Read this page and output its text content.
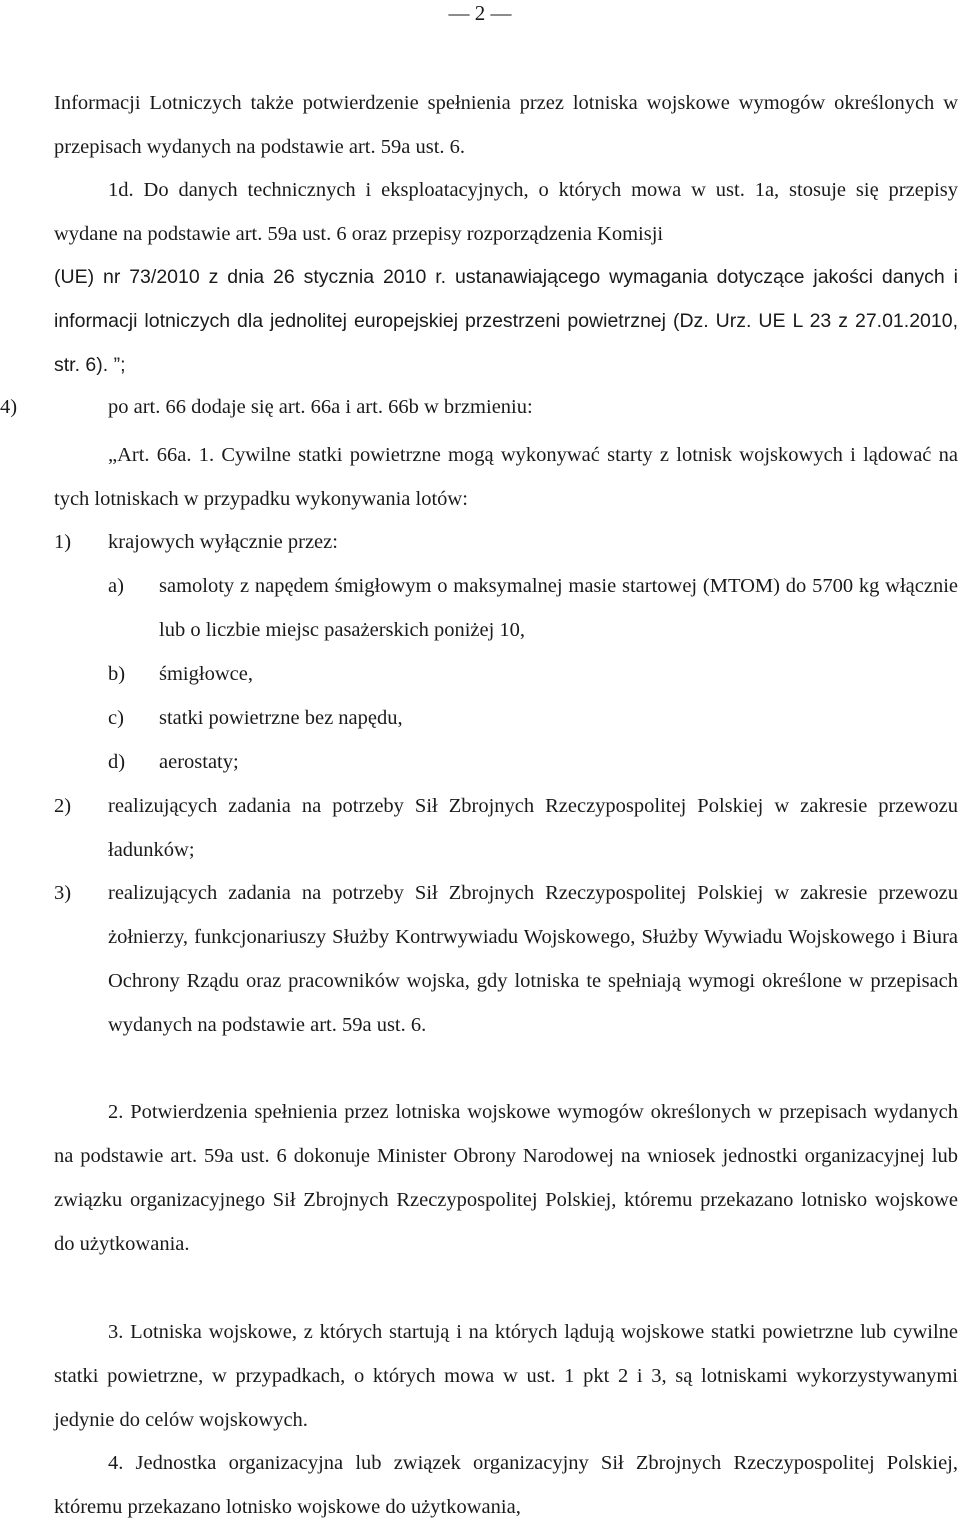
— 2 —
Informacji Lotniczych także potwierdzenie spełnienia przez lotniska wojskowe wymogów określonych w przepisach wydanych na podstawie art. 59a ust. 6.
1d. Do danych technicznych i eksploatacyjnych, o których mowa w ust. 1a, stosuje się przepisy wydane na podstawie art. 59a ust. 6 oraz przepisy rozporządzenia Komisji
(UE) nr 73/2010 z dnia 26 stycznia 2010 r. ustanawiającego wymagania dotyczące jakości danych i informacji lotniczych dla jednolitej europejskiej przestrzeni powietrznej (Dz. Urz. UE L 23 z 27.01.2010, str. 6). ”;
4)	po art. 66 dodaje się art. 66a i art. 66b w brzmieniu:
„Art. 66a. 1. Cywilne statki powietrzne mogą wykonywać starty z lotnisk wojskowych i lądować na tych lotniskach w przypadku wykonywania lotów:
1) krajowych wyłącznie przez:
a) samoloty z napędem śmigłowym o maksymalnej masie startowej (MTOM) do 5700 kg włącznie lub o liczbie miejsc pasażerskich poniżej 10,
b) śmigłowce,
c) statki powietrzne bez napędu,
d) aerostaty;
2) realizujących zadania na potrzeby Sił Zbrojnych Rzeczypospolitej Polskiej w zakresie przewozu ładunków;
3) realizujących zadania na potrzeby Sił Zbrojnych Rzeczypospolitej Polskiej w zakresie przewozu żołnierzy, funkcjonariuszy Służby Kontrwywiadu Wojskowego, Służby Wywiadu Wojskowego i Biura Ochrony Rządu oraz pracowników wojska, gdy lotniska te spełniają wymogi określone w przepisach wydanych na podstawie art. 59a ust. 6.
2. Potwierdzenia spełnienia przez lotniska wojskowe wymogów określonych w przepisach wydanych na podstawie art. 59a ust. 6 dokonuje Minister Obrony Narodowej na wniosek jednostki organizacyjnej lub związku organizacyjnego Sił Zbrojnych Rzeczypospolitej Polskiej, któremu przekazano lotnisko wojskowe do użytkowania.
3. Lotniska wojskowe, z których startują i na których lądują wojskowe statki powietrzne lub cywilne statki powietrzne, w przypadkach, o których mowa w ust. 1 pkt 2 i 3, są lotniskami wykorzystywanymi jedynie do celów wojskowych.
4. Jednostka organizacyjna lub związek organizacyjny Sił Zbrojnych Rzeczypospolitej Polskiej, któremu przekazano lotnisko wojskowe do użytkowania,
